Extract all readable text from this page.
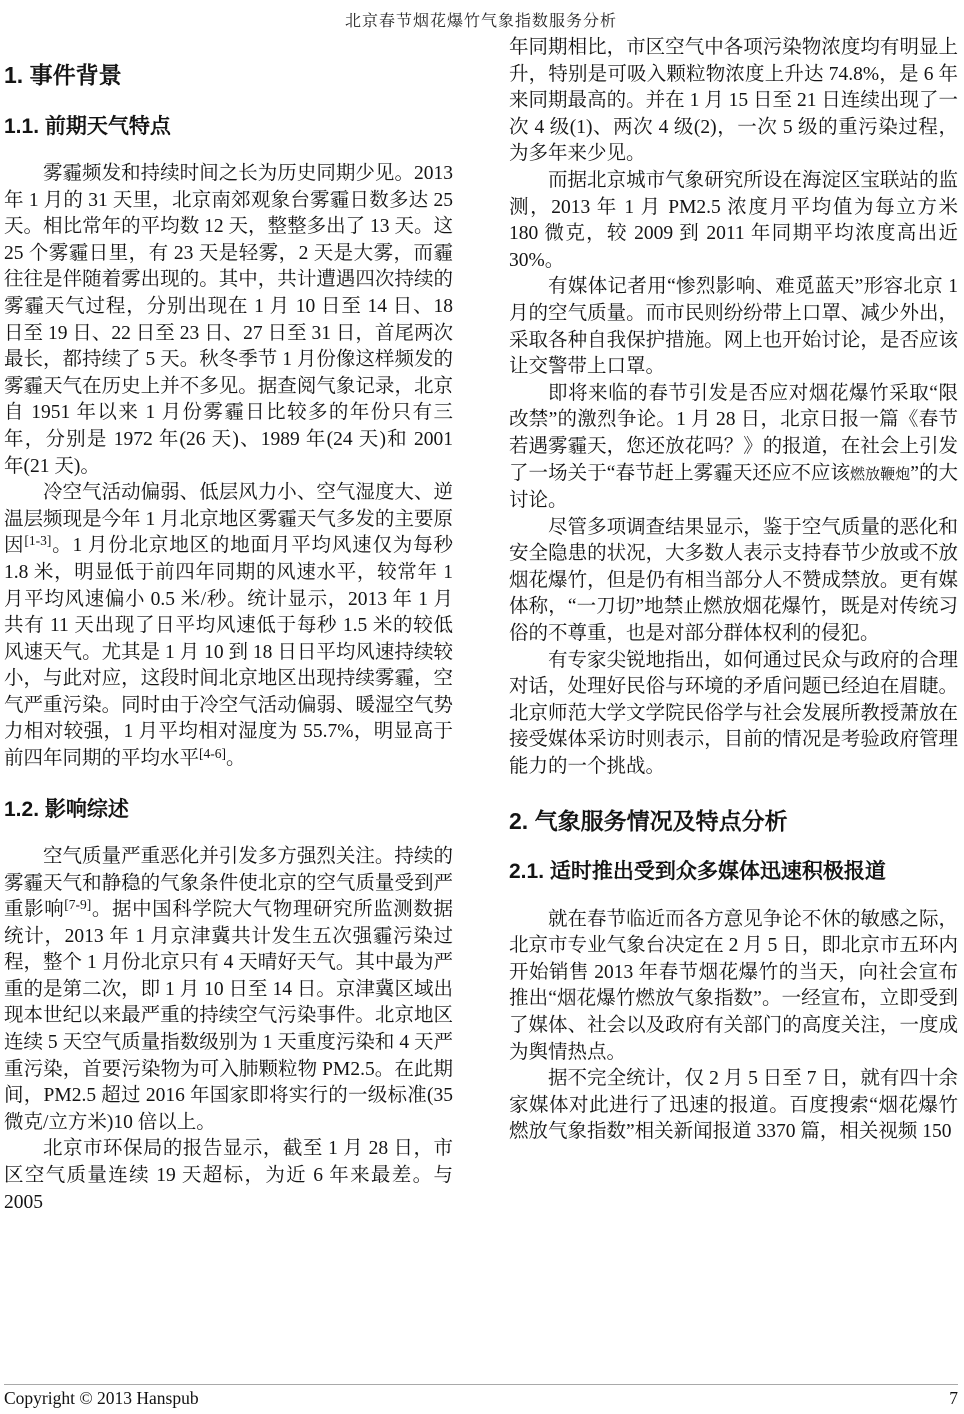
北京春节烟花爆竹气象指数服务分析
1. 事件背景
1.1. 前期天气特点

雾霾频发和持续时间之长为历史同期少见。2013 年 1 月的 31 天里，北京南郊观象台雾霾日数多达 25 天。相比常年的平均数 12 天，整整多出了 13 天。这 25 个雾霾日里，有 23 天是轻雾，2 天是大雾，而霾往往是伴随着雾出现的。其中，共计遭遇四次持续的雾霾天气过程，分别出现在 1 月 10 日至 14 日、18 日至 19 日、22 日至 23 日、27 日至 31 日，首尾两次最长，都持续了 5 天。秋冬季节 1 月份像这样频发的雾霾天气在历史上并不多见。据查阅气象记录，北京自 1951 年以来 1 月份雾霾日比较多的年份只有三年，分别是 1972 年(26 天)、1989 年(24 天)和 2001 年(21 天)。

冷空气活动偏弱、低层风力小、空气湿度大、逆温层频现是今年 1 月北京地区雾霾天气多发的主要原因[1-3]。1 月份北京地区的地面月平均风速仅为每秒 1.8 米，明显低于前四年同期的风速水平，较常年 1 月平均风速偏小 0.5 米/秒。统计显示，2013 年 1 月共有 11 天出现了日平均风速低于每秒 1.5 米的较低风速天气。尤其是 1 月 10 到 18 日日平均风速持续较小，与此对应，这段时间北京地区出现持续雾霾，空气严重污染。同时由于冷空气活动偏弱、暖湿空气势力相对较强，1 月平均相对湿度为 55.7%，明显高于前四年同期的平均水平[4-6]。

1.2. 影响综述

空气质量严重恶化并引发多方强烈关注。持续的雾霾天气和静稳的气象条件使北京的空气质量受到严重影响[7-9]。据中国科学院大气物理研究所监测数据统计，2013 年 1 月京津冀共计发生五次强霾污染过程，整个 1 月份北京只有 4 天晴好天气。其中最为严重的是第二次，即 1 月 10 日至 14 日。京津冀区域出现本世纪以来最严重的持续空气污染事件。北京地区连续 5 天空气质量指数级别为 1 天重度污染和 4 天严重污染，首要污染物为可入肺颗粒物 PM2.5。在此期间，PM2.5 超过 2016 年国家即将实行的一级标准(35 微克/立方米)10 倍以上。

北京市环保局的报告显示，截至 1 月 28 日，市区空气质量连续 19 天超标，为近 6 年来最差。与 2005

年同期相比，市区空气中各项污染物浓度均有明显上升，特别是可吸入颗粒物浓度上升达 74.8%，是 6 年来同期最高的。并在 1 月 15 日至 21 日连续出现了一次 4 级(1)、两次 4 级(2)，一次 5 级的重污染过程，为多年来少见。

而据北京城市气象研究所设在海淀区宝联站的监测，2013 年 1 月 PM2.5 浓度月平均值为每立方米 180 微克，较 2009 到 2011 年同期平均浓度高出近 30%。

有媒体记者用“惨烈影响、难觅蓝天”形容北京 1 月的空气质量。而市民则纷纷带上口罩、减少外出，采取各种自我保护措施。网上也开始讨论，是否应该让交警带上口罩。

即将来临的春节引发是否应对烟花爆竹采取“限改禁”的激烈争论。1 月 28 日，北京日报一篇《春节若遇雾霾天，您还放花吗？》的报道，在社会上引发了一场关于“春节赶上雾霾天还应不应该燃放鞭炮”的大讨论。

尽管多项调查结果显示，鉴于空气质量的恶化和安全隐患的状况，大多数人表示支持春节少放或不放烟花爆竹，但是仍有相当部分人不赞成禁放。更有媒体称，“一刀切”地禁止燃放烟花爆竹，既是对传统习俗的不尊重，也是对部分群体权利的侵犯。

有专家尖锐地指出，如何通过民众与政府的合理对话，处理好民俗与环境的矛盾问题已经迫在眉睫。北京师范大学文学院民俗学与社会发展所教授萧放在接受媒体采访时则表示，目前的情况是考验政府管理能力的一个挑战。

2. 气象服务情况及特点分析
2.1. 适时推出受到众多媒体迅速积极报道

就在春节临近而各方意见争论不休的敏感之际，北京市专业气象台决定在 2 月 5 日，即北京市五环内开始销售 2013 年春节烟花爆竹的当天，向社会宣布推出“烟花爆竹燃放气象指数”。一经宣布，立即受到了媒体、社会以及政府有关部门的高度关注，一度成为舆情热点。

据不完全统计，仅 2 月 5 日至 7 日，就有四十余家媒体对此进行了迅速的报道。百度搜索“烟花爆竹燃放气象指数”相关新闻报道 3370 篇，相关视频 150

Copyright © 2013 Hanspub	7
